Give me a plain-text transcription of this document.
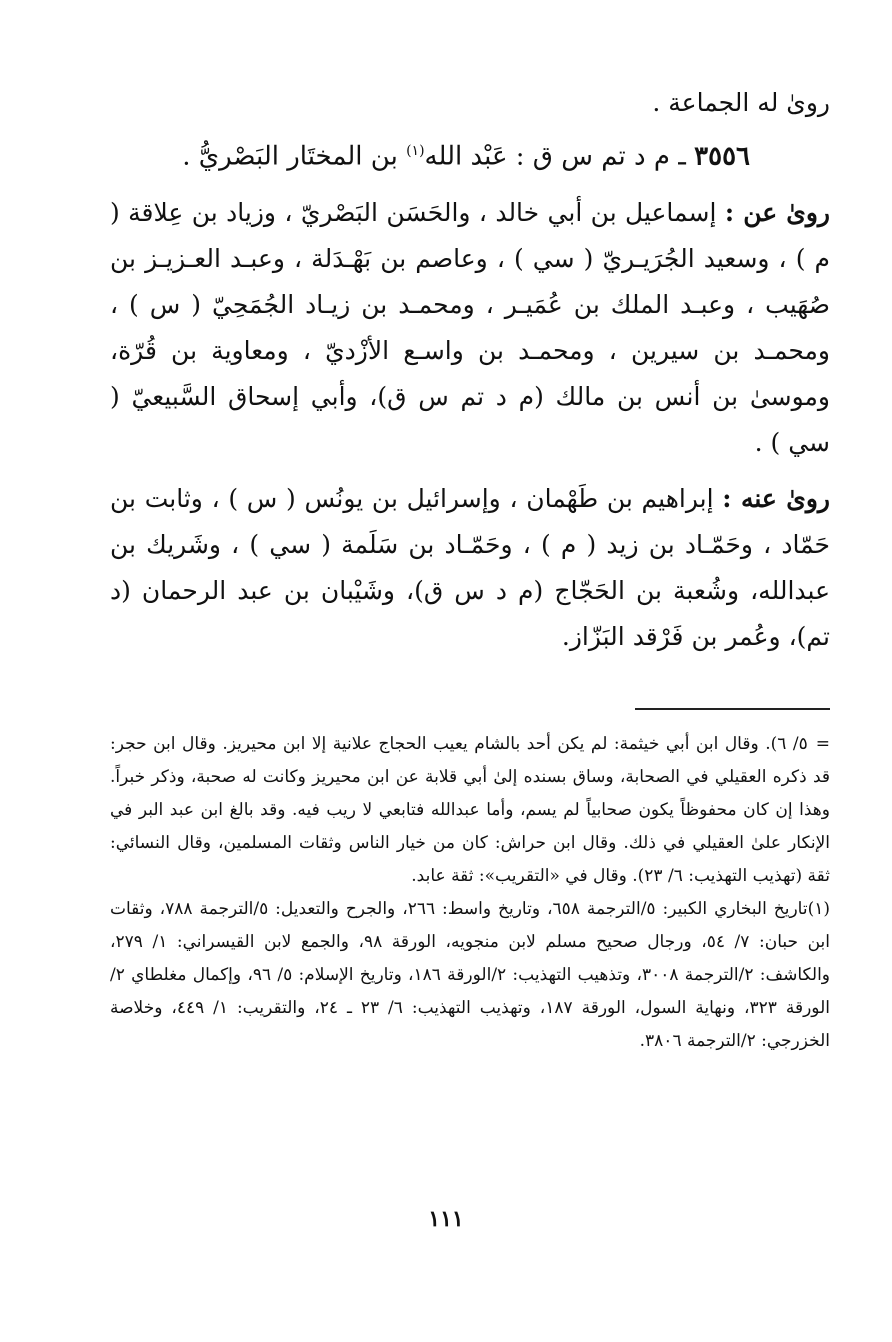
روىٰ له الجماعة .

٣٥٥٦ ـ م د تم س ق : عَبْد الله$^{(١)}$ بن المختَار البَصْريُّ .

روىٰ عن : إسماعيل بن أبي خالد ، والحَسَن البَصْريّ ، وزياد بن عِلاقة ( م ) ، وسعيد الجُرَيـريّ ( سي ) ، وعاصم بن بَهْـدَلة ، وعبـد العـزيـز بن صُهَيب ، وعبـد الملك بن عُمَيـر ، ومحمـد بن زيـاد الجُمَحِيّ ( س ) ، ومحمـد بن سيرين ، ومحمـد بن واسـع الأزْديّ ، ومعاوية بن قُرّة، وموسىٰ بن أنس بن مالك (م د تم س ق)، وأبي إسحاق السَّبيعيّ ( سي ) .

روىٰ عنه : إبراهيم بن طَهْمان ، وإسرائيل بن يونُس ( س ) ، وثابت بن حَمّاد ، وحَمّـاد بن زيد ( م ) ، وحَمّـاد بن سَلَمة ( سي ) ، وشَريك بن عبدالله، وشُعبة بن الحَجّاج (م د س ق)، وشَيْبان بن عبد الرحمان (د تم)، وعُمر بن فَرْقد البَزّاز.

=٥/ ٦). وقال ابن أبي خيثمة: لم يكن أحد بالشام يعيب الحجاج علانية إلا ابن محيريز. وقال ابن حجر: قد ذكره العقيلي في الصحابة، وساق بسنده إلىٰ أبي قلابة عن ابن محيريز وكانت له صحبة، وذكر خبراً. وهذا إن كان محفوظاً يكون صحابياً لم يسم، وأما عبدالله فتابعي لا ريب فيه. وقد بالغ ابن عبد البر في الإنكار علىٰ العقيلي في ذلك. وقال ابن حراش: كان من خيار الناس وثقات المسلمين، وقال النسائي: ثقة (تهذيب التهذيب: ٦/ ٢٣). وقال في «التقريب»: ثقة عابد.

(١)تاريخ البخاري الكبير: ٥/الترجمة ٦٥٨، وتاريخ واسط: ٢٦٦، والجرح والتعديل: ٥/الترجمة ٧٨٨، وثقات ابن حبان: ٧/ ٥٤، ورجال صحيح مسلم لابن منجويه، الورقة ٩٨، والجمع لابن القيسراني: ١/ ٢٧٩، والكاشف: ٢/الترجمة ٣٠٠٨، وتذهيب التهذيب: ٢/الورقة ١٨٦، وتاريخ الإسلام: ٥/ ٩٦، وإكمال مغلطاي ٢/الورقة ٣٢٣، ونهاية السول، الورقة ١٨٧، وتهذيب التهذيب: ٦/ ٢٣ ـ ٢٤، والتقريب: ١/ ٤٤٩، وخلاصة الخزرجي: ٢/الترجمة ٣٨٠٦.

١١١
